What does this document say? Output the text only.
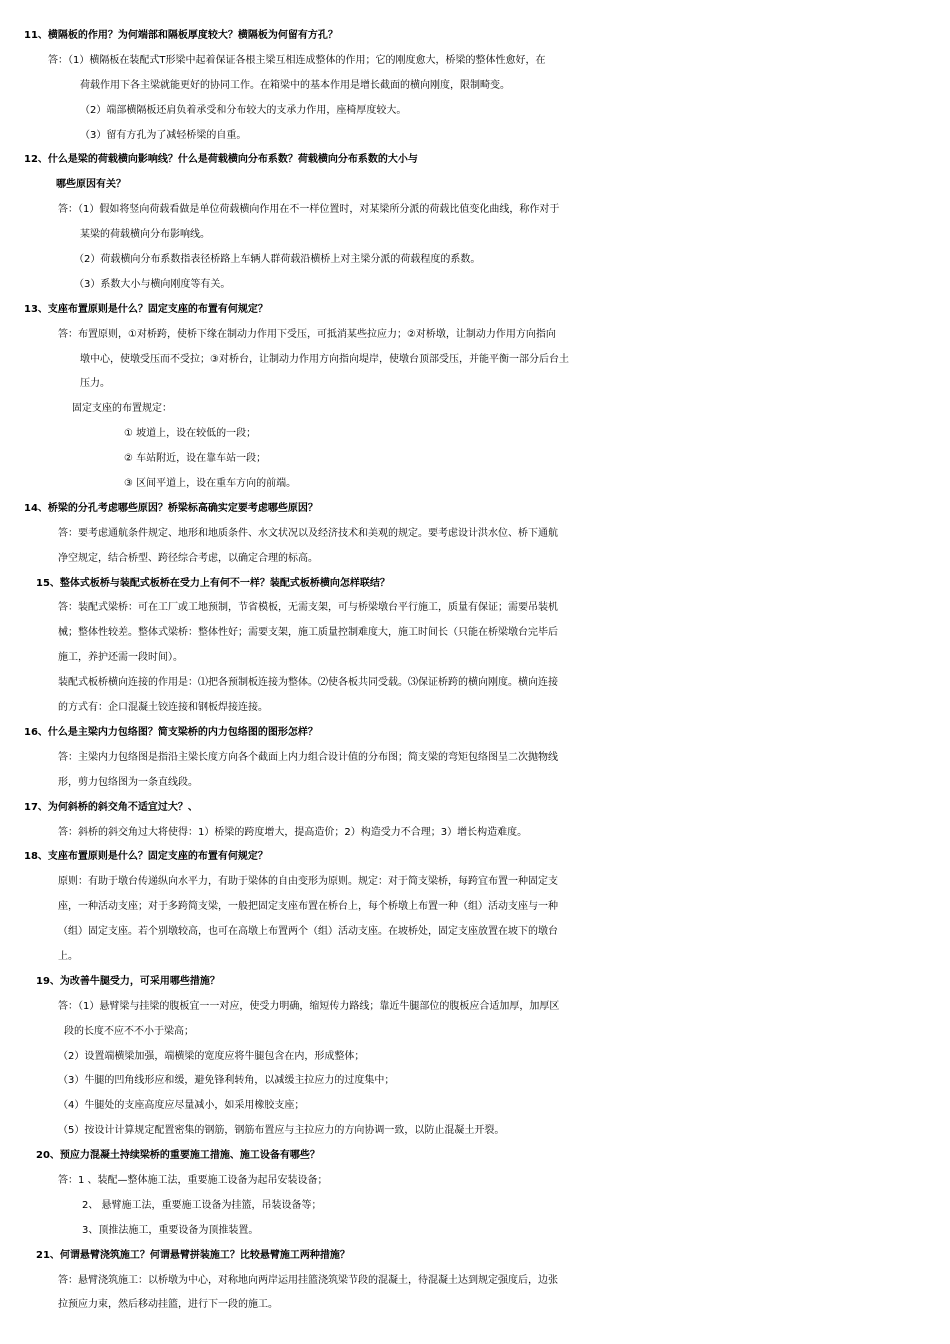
11、横隔板的作用？为何端部和隔板厚度较大？横隔板为何留有方孔？
答：（1）横隔板在装配式T形梁中起着保证各根主梁互相连成整体的作用；它的刚度愈大，桥梁的整体性愈好，在
荷载作用下各主梁就能更好的协同工作。在箱梁中的基本作用是增长截面的横向刚度，限制畸变。
（2）端部横隔板还肩负着承受和分布较大的支承力作用，座椅厚度较大。
（3）留有方孔为了减轻桥梁的自重。
12、什么是梁的荷载横向影响线？什么是荷载横向分布系数？荷载横向分布系数的大小与
哪些原因有关？
答：（1）假如将竖向荷载看做是单位荷载横向作用在不一样位置时，对某梁所分派的荷载比值变化曲线，称作对于
某梁的荷载横向分布影响线。
（2）荷载横向分布系数指表径桥路上车辆人群荷载沿横桥上对主梁分派的荷载程度的系数。
（3）系数大小与横向刚度等有关。
13、支座布置原则是什么？固定支座的布置有何规定？
答：布置原则，①对桥跨，使桥下缘在制动力作用下受压，可抵消某些拉应力；②对桥墩，让制动力作用方向指向
墩中心，使墩受压而不受拉；③对桥台，让制动力作用方向指向堤岸，使墩台顶部受压，并能平衡一部分后台土
压力。
固定支座的布置规定：
① 坡道上，设在较低的一段；
② 车站附近，设在靠车站一段；
③ 区间平道上，设在重车方向的前端。
14、桥梁的分孔考虑哪些原因？桥梁标高确实定要考虑哪些原因？
答：要考虑通航条件规定、地形和地质条件、水文状况以及经济技术和美观的规定。要考虑设计洪水位、桥下通航
净空规定，结合桥型、跨径综合考虑，以确定合理的标高。
15、整体式板桥与装配式板桥在受力上有何不一样？装配式板桥横向怎样联结？
答：装配式梁桥：可在工厂或工地预制，节省模板，无需支架，可与桥梁墩台平行施工，质量有保证；需要吊装机
械；整体性较差。整体式梁桥：整体性好；需要支架，施工质量控制难度大，施工时间长（只能在桥梁墩台完毕后
施工，养护还需一段时间）。
装配式板桥横向连接的作用是：⑴把各预制板连接为整体。⑵使各板共同受载。⑶保证桥跨的横向刚度。横向连接
的方式有：企口混凝土铰连接和钢板焊接连接。
16、什么是主梁内力包络图？简支梁桥的内力包络图的图形怎样？
答：主梁内力包络图是指沿主梁长度方向各个截面上内力组合设计值的分布图；简支梁的弯矩包络图呈二次抛物线
形，剪力包络图为一条直线段。
17、为何斜桥的斜交角不适宜过大？、
答：斜桥的斜交角过大将使得：1）桥梁的跨度增大，提高造价；2）构造受力不合理；3）增长构造难度。
18、支座布置原则是什么？固定支座的布置有何规定？
原则：有助于墩台传递纵向水平力，有助于梁体的自由变形为原则。规定：对于简支梁桥，每跨宜布置一种固定支
座，一种活动支座；对于多跨简支梁，一般把固定支座布置在桥台上，每个桥墩上布置一种（组）活动支座与一种
（组）固定支座。若个别墩较高，也可在高墩上布置两个（组）活动支座。在坡桥处，固定支座放置在坡下的墩台
上。
19、为改善牛腿受力，可采用哪些措施？
答：（1）悬臂梁与挂梁的腹板宜一一对应，使受力明确，缩短传力路线；靠近牛腿部位的腹板应合适加厚，加厚区
段的长度不应不不小于梁高；
（2）设置端横梁加强，端横梁的宽度应将牛腿包含在内，形成整体；
（3）牛腿的凹角线形应和缓，避免锋利转角，以减缓主拉应力的过度集中；
（4）牛腿处的支座高度应尽量减小，如采用橡胶支座；
（5）按设计计算规定配置密集的钢筋，钢筋布置应与主拉应力的方向协调一致，以防止混凝土开裂。
20、预应力混凝土持续梁桥的重要施工措施、施工设备有哪些？
答：1 、装配—整体施工法，重要施工设备为起吊安装设备；
2、 悬臂施工法，重要施工设备为挂篮，吊装设备等；
3、顶推法施工，重要设备为顶推装置。
21、何谓悬臂浇筑施工？何谓悬臂拼装施工？比较悬臂施工两种措施？
答：悬臂浇筑施工：以桥墩为中心，对称地向两岸运用挂篮浇筑梁节段的混凝土，待混凝土达到规定强度后，边张
拉预应力束，然后移动挂篮，进行下一段的施工。
